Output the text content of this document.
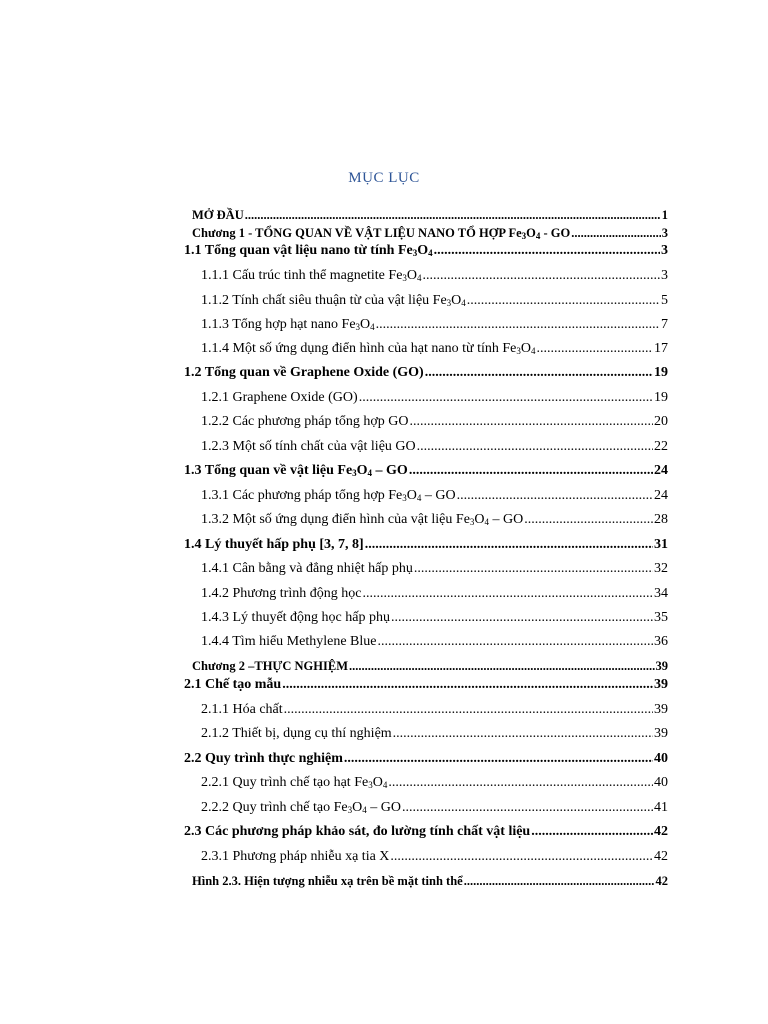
MỤC LỤC
MỞ ĐẦU .....	1
Chương 1 - TỔNG QUAN VỀ VẬT LIỆU NANO TỔ HỢP $Fe_3O_4$ - GO .....	3
1.1 Tổng quan vật liệu nano từ tính $Fe_3O_4$ .....	3
1.1.1 Cấu trúc tinh thể magnetite $Fe_3O_4$ .....	3
1.1.2 Tính chất siêu thuận từ của vật liệu $Fe_3O_4$ .....	5
1.1.3 Tổng hợp hạt nano $Fe_3O_4$ .....	7
1.1.4 Một số ứng dụng điển hình của hạt nano từ tính $Fe_3O_4$ .....	17
1.2 Tổng quan về Graphene Oxide (GO) .....	19
1.2.1 Graphene Oxide (GO) .....	19
1.2.2 Các phương pháp tổng hợp GO .....	20
1.2.3 Một số tính chất của vật liệu GO .....	22
1.3 Tổng quan về vật liệu $Fe_3O_4$ – GO .....	24
1.3.1 Các phương pháp tổng hợp $Fe_3O_4$ – GO .....	24
1.3.2 Một số ứng dụng điển hình của vật liệu $Fe_3O_4$ – GO .....	28
1.4 Lý thuyết hấp phụ [3, 7, 8] .....	31
1.4.1 Cân bằng và đẳng nhiệt hấp phụ .....	32
1.4.2 Phương trình động học .....	34
1.4.3 Lý thuyết động học hấp phụ .....	35
1.4.4 Tìm hiểu Methylene Blue .....	36
Chương 2 –THỰC NGHIỆM .....	39
2.1 Chế tạo mẫu .....	39
2.1.1 Hóa chất .....	39
2.1.2 Thiết bị, dụng cụ thí nghiệm .....	39
2.2 Quy trình thực nghiệm .....	40
2.2.1 Quy trình chế tạo hạt $Fe_3O_4$ .....	40
2.2.2 Quy trình chế tạo $Fe_3O_4$ – GO .....	41
2.3 Các phương pháp khảo sát, đo lường tính chất vật liệu .....	42
2.3.1 Phương pháp nhiễu xạ tia X .....	42
Hình 2.3. Hiện tượng nhiễu xạ trên bề mặt tinh thể .....	42
